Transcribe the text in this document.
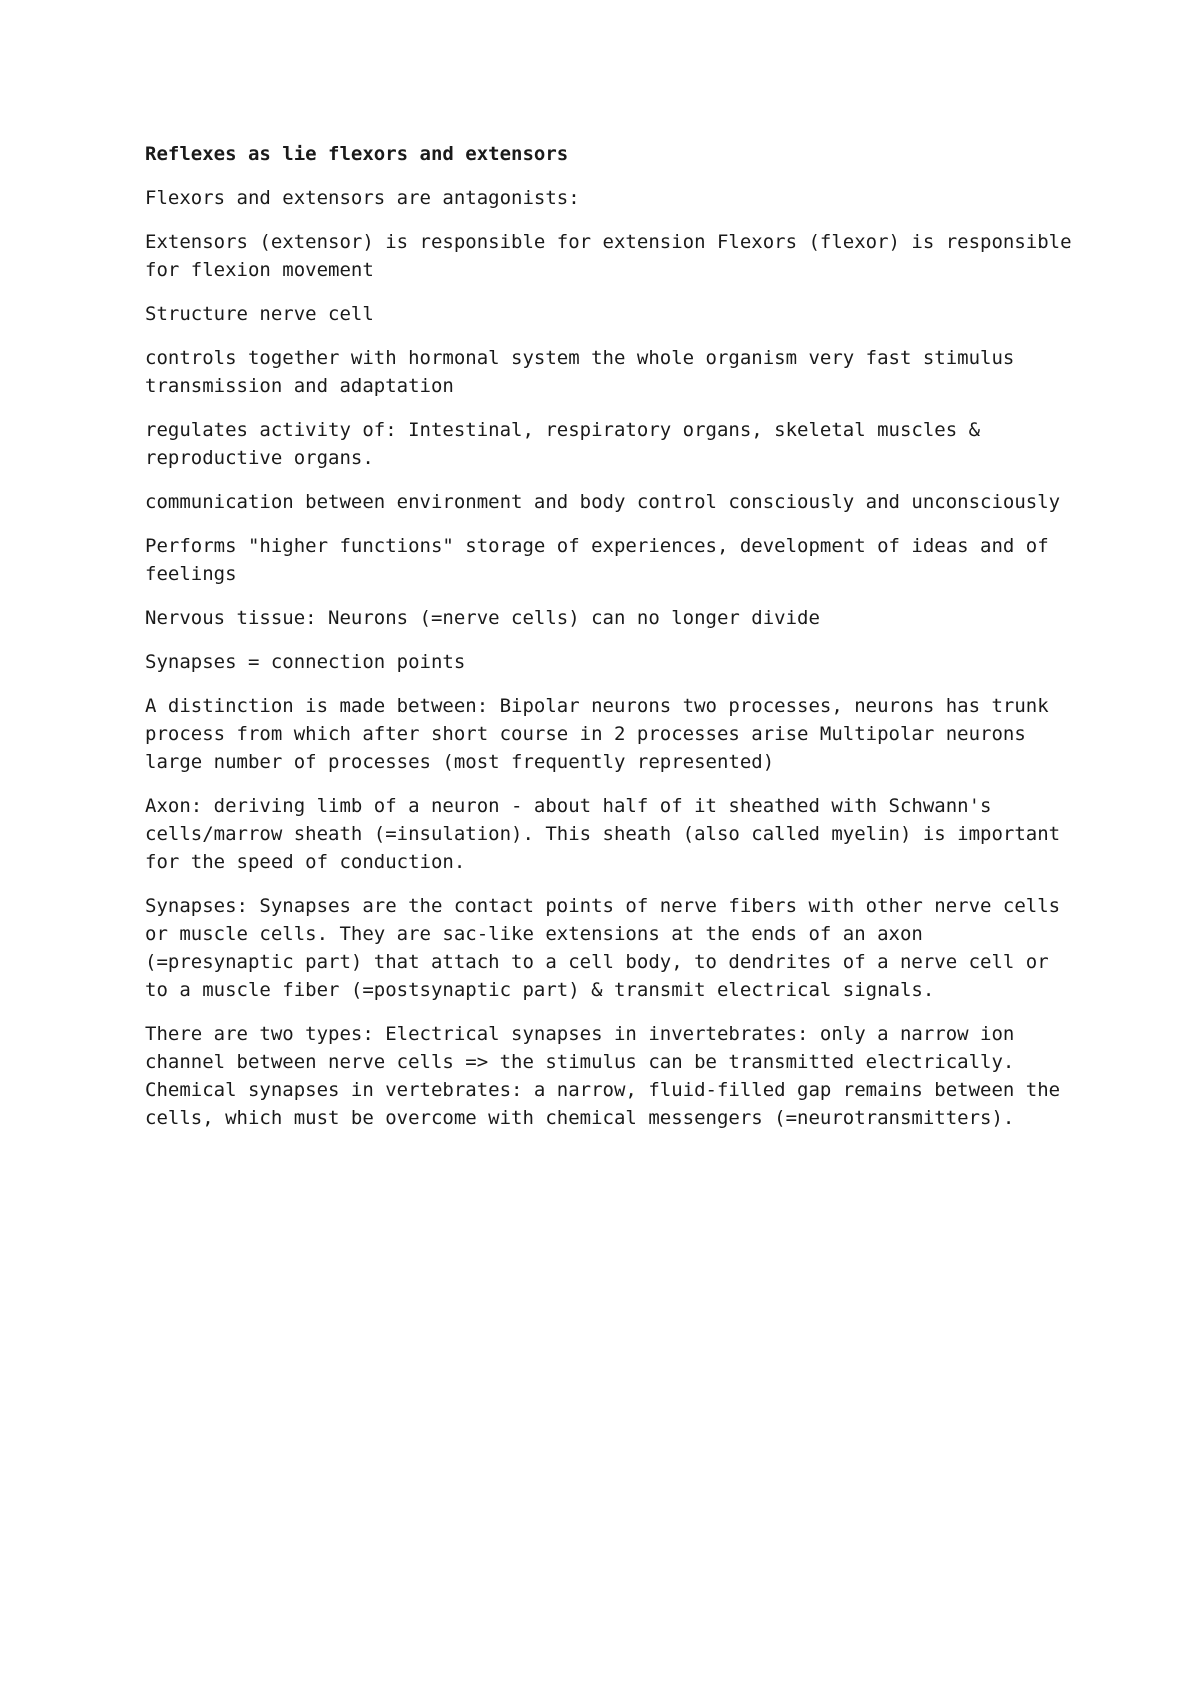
Reflexes as lie flexors and extensors

Flexors and extensors are antagonists:

Extensors (extensor) is responsible for extension Flexors (flexor) is responsible for flexion movement

Structure nerve cell

controls together with hormonal system the whole organism very fast stimulus transmission and adaptation

regulates activity of: Intestinal, respiratory organs, skeletal muscles & reproductive organs.

communication between environment and body control consciously and unconsciously

Performs "higher functions" storage of experiences, development of ideas and of feelings

Nervous tissue: Neurons (=nerve cells) can no longer divide

Synapses = connection points

A distinction is made between: Bipolar neurons two processes, neurons has trunk process from which after short course in 2 processes arise Multipolar neurons large number of processes (most frequently represented)

Axon: deriving limb of a neuron - about half of it sheathed with Schwann's cells/marrow sheath (=insulation). This sheath (also called myelin) is important for the speed of conduction.

Synapses: Synapses are the contact points of nerve fibers with other nerve cells or muscle cells. They are sac-like extensions at the ends of an axon (=presynaptic part) that attach to a cell body, to dendrites of a nerve cell or to a muscle fiber (=postsynaptic part) & transmit electrical signals.

There are two types: Electrical synapses in invertebrates: only a narrow ion channel between nerve cells => the stimulus can be transmitted electrically. Chemical synapses in vertebrates: a narrow, fluid-filled gap remains between the cells, which must be overcome with chemical messengers (=neurotransmitters).
